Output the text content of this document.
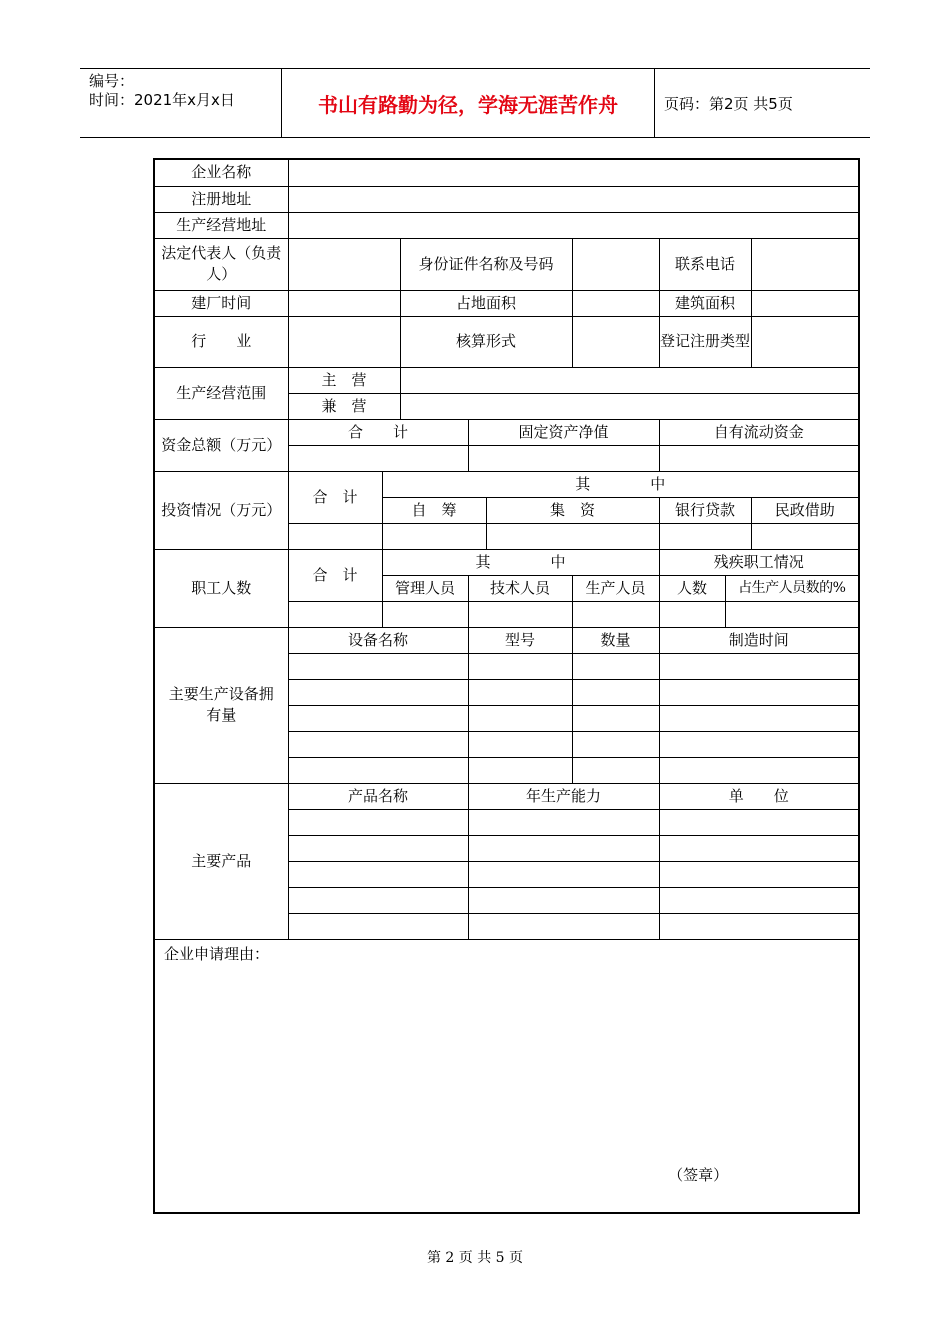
编号：
时间：2021年x月x日	书山有路勤为径，学海无涯苦作舟	页码：第2页 共5页
企业名称									
注册地址									
生产经营地址									
法定代表人（负责人）			身份证件名称及号码				联系电话		
建厂时间			占地面积				建筑面积		
行　　业			核算形式				登记注册类型		
生产经营范围	主　营								
	兼　营								
资金总额（万元）	合　　计			固定资产净值			自有流动资金		

投资情况（万元）	合　计	其　　　　中							
		自　筹			集　资		银行贷款		民政借助

职工人数	合　计	其　　　　中					残疾职工情况		
		管理人员		技术人员		生产人员	人数	占生产人员数的%	

主要生产设备拥有量	设备名称			型号		数量	制造时间		

主要产品	产品名称			年生产能力			单　　位		

企业申请理由：
（签章）									
第 2 页 共 5 页
